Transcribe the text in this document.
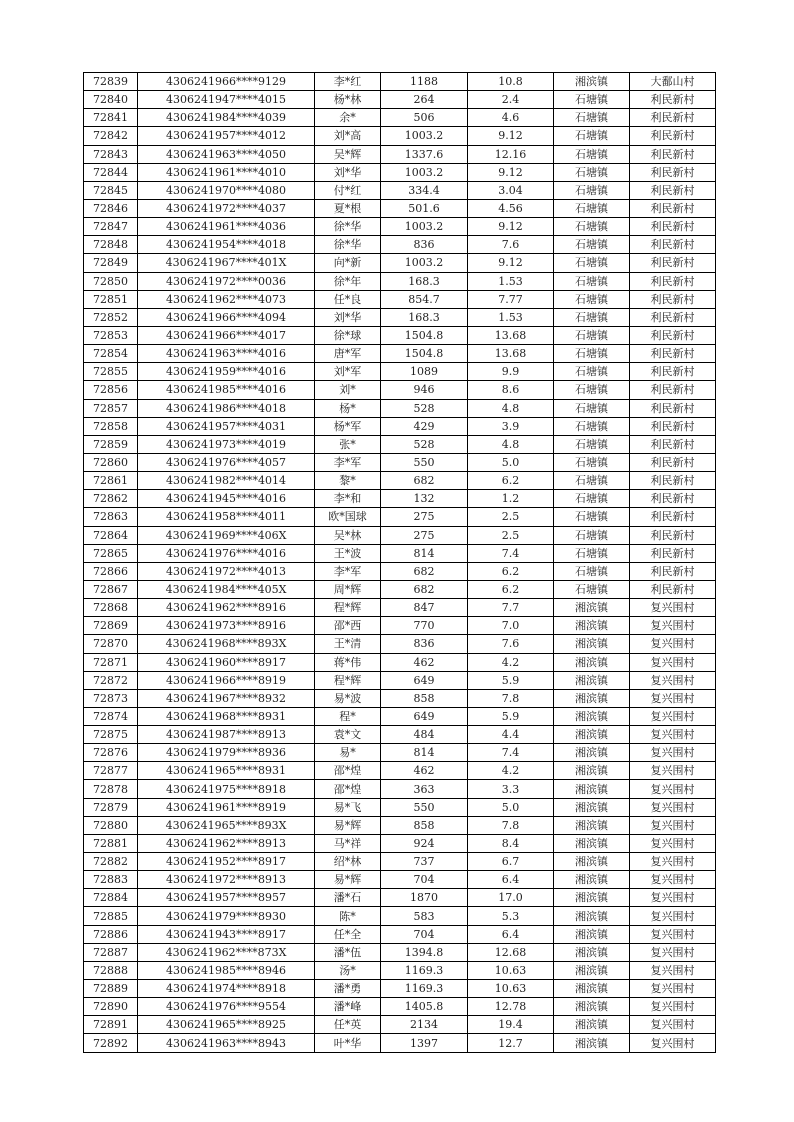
72839	4306241966****9129	李*红	1188	10.8	湘滨镇	大鄱山村
72840	4306241947****4015	杨*林	264	2.4	石塘镇	利民新村
72841	4306241984****4039	余*	506	4.6	石塘镇	利民新村
72842	4306241957****4012	刘*高	1003.2	9.12	石塘镇	利民新村
72843	4306241963****4050	吴*辉	1337.6	12.16	石塘镇	利民新村
72844	4306241961****4010	刘*华	1003.2	9.12	石塘镇	利民新村
72845	4306241970****4080	付*红	334.4	3.04	石塘镇	利民新村
72846	4306241972****4037	夏*根	501.6	4.56	石塘镇	利民新村
72847	4306241961****4036	徐*华	1003.2	9.12	石塘镇	利民新村
72848	4306241954****4018	徐*华	836	7.6	石塘镇	利民新村
72849	4306241967****401X	向*新	1003.2	9.12	石塘镇	利民新村
72850	4306241972****0036	徐*年	168.3	1.53	石塘镇	利民新村
72851	4306241962****4073	任*良	854.7	7.77	石塘镇	利民新村
72852	4306241966****4094	刘*华	168.3	1.53	石塘镇	利民新村
72853	4306241966****4017	徐*球	1504.8	13.68	石塘镇	利民新村
72854	4306241963****4016	唐*军	1504.8	13.68	石塘镇	利民新村
72855	4306241959****4016	刘*军	1089	9.9	石塘镇	利民新村
72856	4306241985****4016	刘*	946	8.6	石塘镇	利民新村
72857	4306241986****4018	杨*	528	4.8	石塘镇	利民新村
72858	4306241957****4031	杨*军	429	3.9	石塘镇	利民新村
72859	4306241973****4019	张*	528	4.8	石塘镇	利民新村
72860	4306241976****4057	李*军	550	5.0	石塘镇	利民新村
72861	4306241982****4014	黎*	682	6.2	石塘镇	利民新村
72862	4306241945****4016	李*和	132	1.2	石塘镇	利民新村
72863	4306241958****4011	欧*国球	275	2.5	石塘镇	利民新村
72864	4306241969****406X	吴*林	275	2.5	石塘镇	利民新村
72865	4306241976****4016	王*波	814	7.4	石塘镇	利民新村
72866	4306241972****4013	李*军	682	6.2	石塘镇	利民新村
72867	4306241984****405X	周*辉	682	6.2	石塘镇	利民新村
72868	4306241962****8916	程*辉	847	7.7	湘滨镇	复兴围村
72869	4306241973****8916	邵*西	770	7.0	湘滨镇	复兴围村
72870	4306241968****893X	王*清	836	7.6	湘滨镇	复兴围村
72871	4306241960****8917	蒋*伟	462	4.2	湘滨镇	复兴围村
72872	4306241966****8919	程*辉	649	5.9	湘滨镇	复兴围村
72873	4306241967****8932	易*波	858	7.8	湘滨镇	复兴围村
72874	4306241968****8931	程*	649	5.9	湘滨镇	复兴围村
72875	4306241987****8913	袁*文	484	4.4	湘滨镇	复兴围村
72876	4306241979****8936	易*	814	7.4	湘滨镇	复兴围村
72877	4306241965****8931	邵*煌	462	4.2	湘滨镇	复兴围村
72878	4306241975****8918	邵*煌	363	3.3	湘滨镇	复兴围村
72879	4306241961****8919	易*飞	550	5.0	湘滨镇	复兴围村
72880	4306241965****893X	易*辉	858	7.8	湘滨镇	复兴围村
72881	4306241962****8913	马*祥	924	8.4	湘滨镇	复兴围村
72882	4306241952****8917	绍*林	737	6.7	湘滨镇	复兴围村
72883	4306241972****8913	易*辉	704	6.4	湘滨镇	复兴围村
72884	4306241957****8957	潘*石	1870	17.0	湘滨镇	复兴围村
72885	4306241979****8930	陈*	583	5.3	湘滨镇	复兴围村
72886	4306241943****8917	任*全	704	6.4	湘滨镇	复兴围村
72887	4306241962****873X	潘*伍	1394.8	12.68	湘滨镇	复兴围村
72888	4306241985****8946	汤*	1169.3	10.63	湘滨镇	复兴围村
72889	4306241974****8918	潘*勇	1169.3	10.63	湘滨镇	复兴围村
72890	4306241976****9554	潘*峰	1405.8	12.78	湘滨镇	复兴围村
72891	4306241965****8925	任*英	2134	19.4	湘滨镇	复兴围村
72892	4306241963****8943	叶*华	1397	12.7	湘滨镇	复兴围村
